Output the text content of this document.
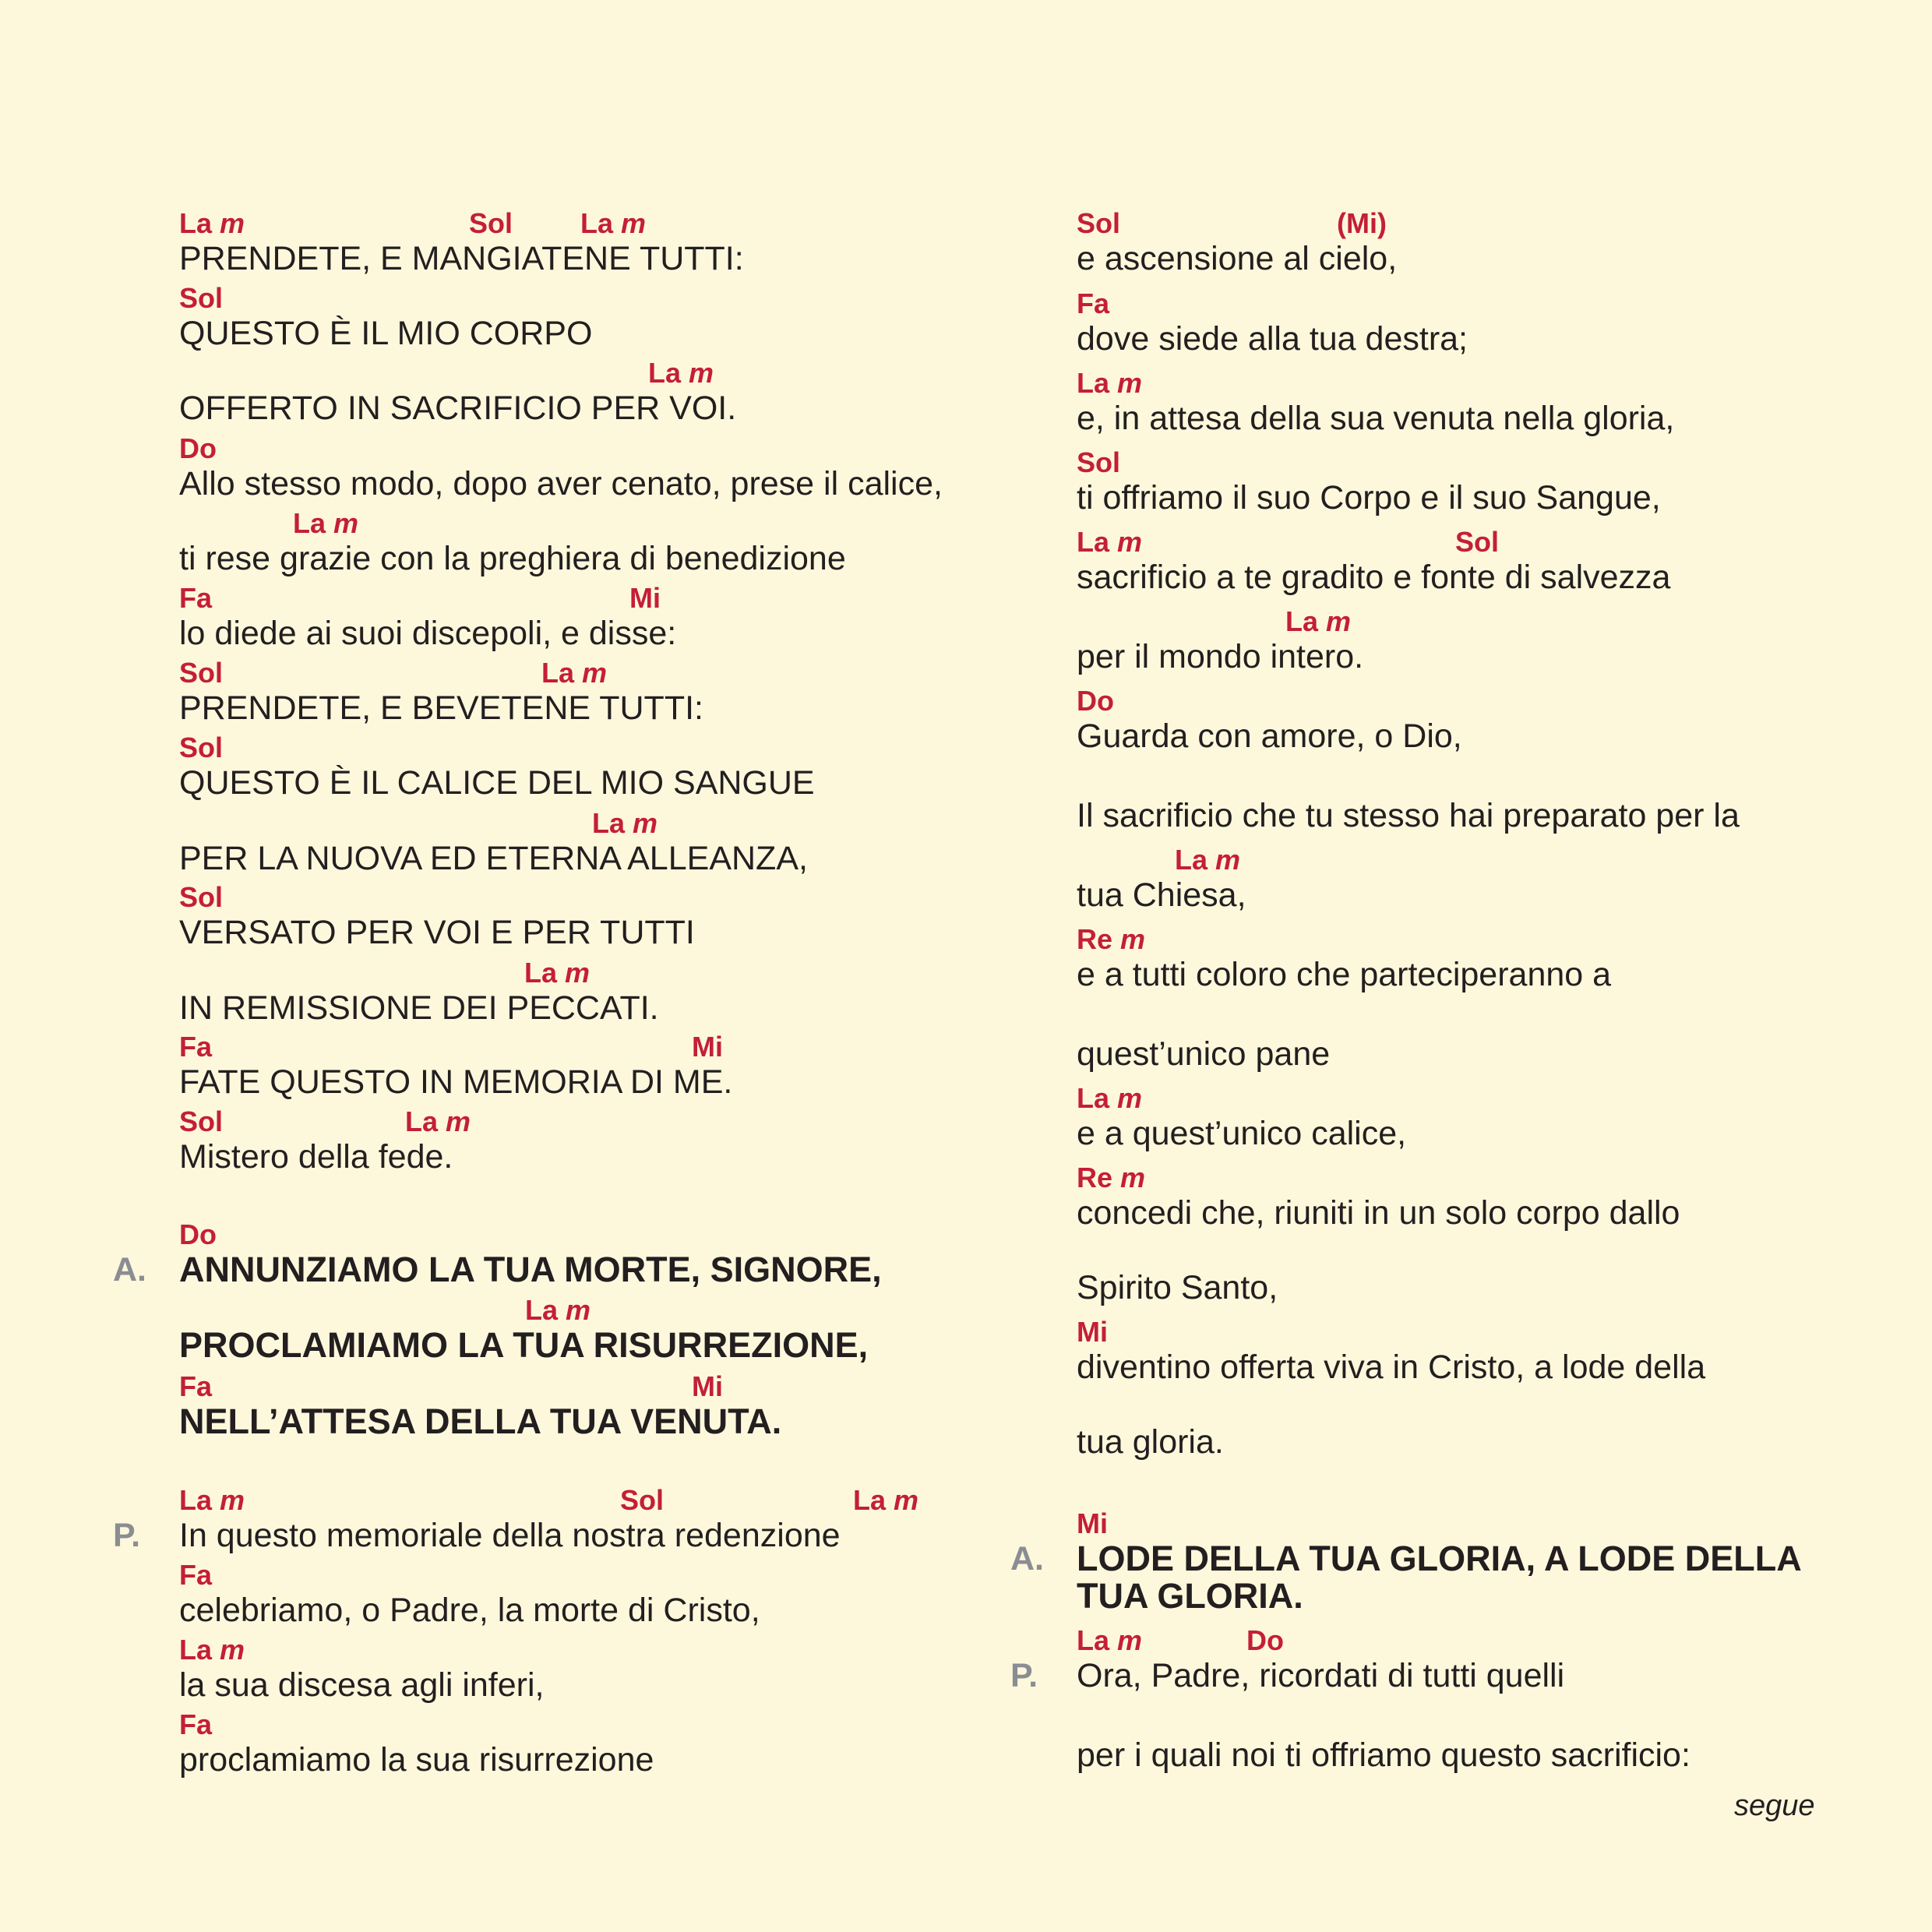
La m	Sol La m
PRENDETE, E MANGIATENE TUTTI:
Sol
QUESTO È IL MIO CORPO
La m
OFFERTO IN SACRIFICIO PER VOI.
Do
Allo stesso modo, dopo aver cenato, prese il calice,
La m
ti rese grazie con la preghiera di benedizione
Fa	Mi
lo diede ai suoi discepoli, e disse:
Sol	La m
PRENDETE, E BEVETENE TUTTI:
Sol
QUESTO È IL CALICE DEL MIO SANGUE
La m
PER LA NUOVA ED ETERNA ALLEANZA,
Sol
VERSATO PER VOI E PER TUTTI
La m
IN REMISSIONE DEI PECCATI.
Fa	Mi
FATE QUESTO IN MEMORIA DI ME.
Sol	La m
Mistero della fede.
Do
A. ANNUNZIAMO LA TUA MORTE, SIGNORE,
La m
PROCLAMIAMO LA TUA RISURREZIONE,
Fa	Mi
NELL’ATTESA DELLA TUA VENUTA.
La m	Sol	La m
P. In questo memoriale della nostra redenzione
Fa
celebriamo, o Padre, la morte di Cristo,
La m
la sua discesa agli inferi,
Fa
proclamiamo la sua risurrezione
Sol	(Mi)
e ascensione al cielo,
Fa
dove siede alla tua destra;
La m
e, in attesa della sua venuta nella gloria,
Sol
ti offriamo il suo Corpo e il suo Sangue,
La m	Sol
sacrificio a te gradito e fonte di salvezza
La m
per il mondo intero.
Do
Guarda con amore, o Dio,
Il sacrificio che tu stesso hai preparato per la
La m
tua Chiesa,
Re m
e a tutti coloro che parteciperanno a
quest’unico pane
La m
e a quest’unico calice,
Re m
concedi che, riuniti in un solo corpo dallo
Spirito Santo,
Mi
diventino offerta viva in Cristo, a lode della
tua gloria.
Mi
A. LODE DELLA TUA GLORIA, A LODE DELLA
TUA GLORIA.
La m	Do
P. Ora, Padre, ricordati di tutti quelli
per i quali noi ti offriamo questo sacrificio:
segue
